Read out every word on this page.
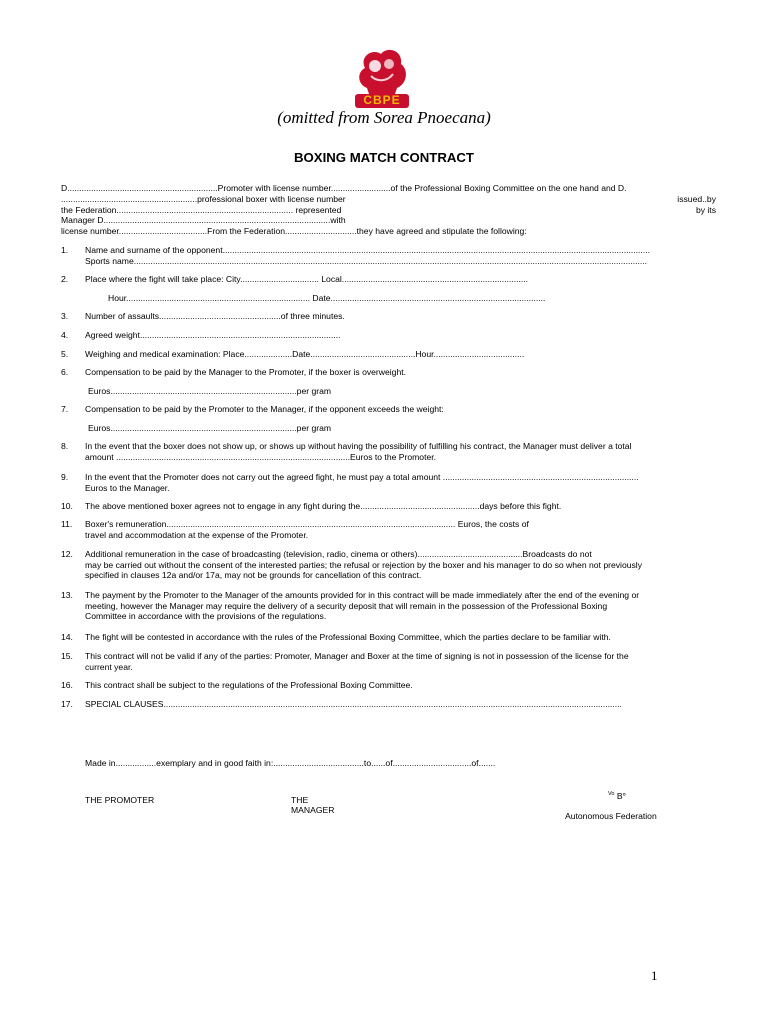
CBPE
(omitted from Sorea Pnoecana)
BOXING MATCH CONTRACT
D...............................................................Promoter with license number.........................of the Professional Boxing Committee on the one hand and D.
.........................................................professional boxer with license number	issued..by
the Federation.......................................................................... represented	by its
Manager D...............................................................................................with
license number.....................................From the Federation..............................they have agreed and stipulate the following:
1. Name and surname of the opponent...................................................................................................................................................................................
Sports name.......................................................................................................................................................................................................................
2. Place where the fight will take place: City................................. Local..............................................................................
Hour............................................................................. Date..........................................................................................
3. Number of assaults...................................................of three minutes.
4. Agreed weight....................................................................................
5. Weighing and medical examination: Place....................Date............................................Hour......................................
6. Compensation to be paid by the Manager to the Promoter, if the boxer is overweight.
Euros..............................................................................per gram
7. Compensation to be paid by the Promoter to the Manager, if the opponent exceeds the weight:
Euros..............................................................................per gram
8. In the event that the boxer does not show up, or shows up without having the possibility of fulfilling his contract, the Manager must deliver a total
amount ..................................................................................................Euros to the Promoter.
9. In the event that the Promoter does not carry out the agreed fight, he must pay a total amount ..................................................................................
Euros to the Manager.
10. The above mentioned boxer agrees not to engage in any fight during the..................................................days before this fight.
11. Boxer's remuneration......................................................................................................................... Euros, the costs of
travel and accommodation at the expense of the Promoter.
12. Additional remuneration in the case of broadcasting (television, radio, cinema or others)............................................Broadcasts do not
may be carried out without the consent of the interested parties; the refusal or rejection by the boxer and his manager to do so when not previously
specified in clauses 12a and/or 17a, may not be grounds for cancellation of this contract.
13. The payment by the Promoter to the Manager of the amounts provided for in this contract will be made immediately after the end of the evening or
meeting, however the Manager may require the delivery of a security deposit that will remain in the possession of the Professional Boxing
Committee in accordance with the provisions of the regulations.
14. The fight will be contested in accordance with the rules of the Professional Boxing Committee, which the parties declare to be familiar with.
15. This contract will not be valid if any of the parties: Promoter, Manager and Boxer at the time of signing is not in possession of the license for the
current year.
16. This contract shall be subject to the regulations of the Professional Boxing Committee.
17. SPECIAL CLAUSES................................................................................................................................................................................................
Made in.................exemplary and in good faith in:......................................to......of.................................of.......
THE PROMOTER	THE
MANAGER
$^{Vo}$ B°
Autonomous Federation
1
